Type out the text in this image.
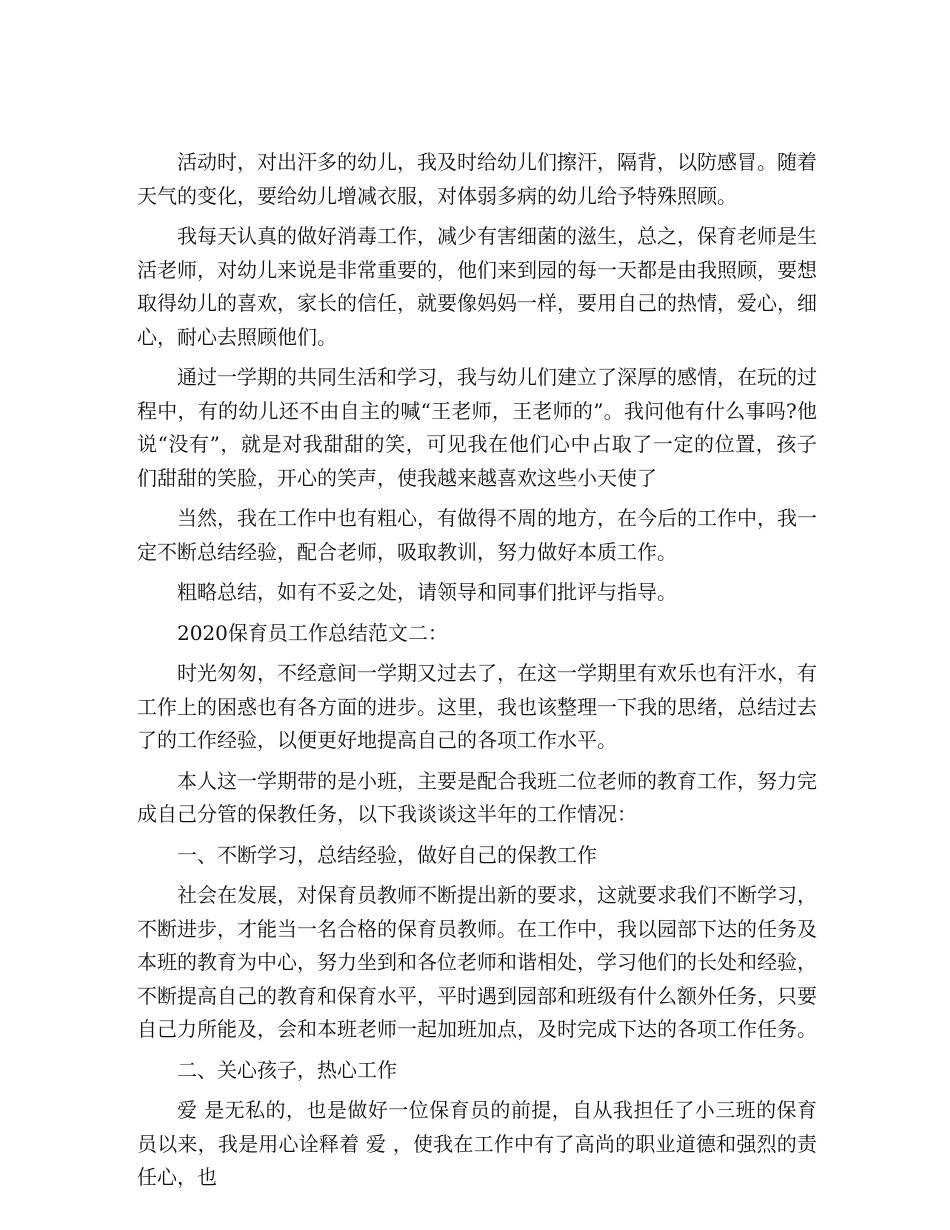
活动时，对出汗多的幼儿，我及时给幼儿们擦汗，隔背，以防感冒。随着天气的变化，要给幼儿增减衣服，对体弱多病的幼儿给予特殊照顾。

我每天认真的做好消毒工作，减少有害细菌的滋生，总之，保育老师是生活老师，对幼儿来说是非常重要的，他们来到园的每一天都是由我照顾，要想取得幼儿的喜欢，家长的信任，就要像妈妈一样，要用自己的热情，爱心，细心，耐心去照顾他们。

通过一学期的共同生活和学习，我与幼儿们建立了深厚的感情，在玩的过程中，有的幼儿还不由自主的喊“王老师，王老师的”。我问他有什么事吗?他说“没有”，就是对我甜甜的笑，可见我在他们心中占取了一定的位置，孩子们甜甜的笑脸，开心的笑声，使我越来越喜欢这些小天使了

当然，我在工作中也有粗心，有做得不周的地方，在今后的工作中，我一定不断总结经验，配合老师，吸取教训，努力做好本质工作。

粗略总结，如有不妥之处，请领导和同事们批评与指导。

2020保育员工作总结范文二：

时光匆匆，不经意间一学期又过去了，在这一学期里有欢乐也有汗水，有工作上的困惑也有各方面的进步。这里，我也该整理一下我的思绪，总结过去了的工作经验，以便更好地提高自己的各项工作水平。

本人这一学期带的是小班，主要是配合我班二位老师的教育工作，努力完成自己分管的保教任务，以下我谈谈这半年的工作情况：

一、不断学习，总结经验，做好自己的保教工作

社会在发展，对保育员教师不断提出新的要求，这就要求我们不断学习，不断进步，才能当一名合格的保育员教师。在工作中，我以园部下达的任务及本班的教育为中心，努力坐到和各位老师和谐相处，学习他们的长处和经验，不断提高自己的教育和保育水平，平时遇到园部和班级有什么额外任务，只要自己力所能及，会和本班老师一起加班加点，及时完成下达的各项工作任务。

二、关心孩子，热心工作

爱 是无私的，也是做好一位保育员的前提，自从我担任了小三班的保育员以来，我是用心诠释着 爱 ，使我在工作中有了高尚的职业道德和强烈的责任心，也
